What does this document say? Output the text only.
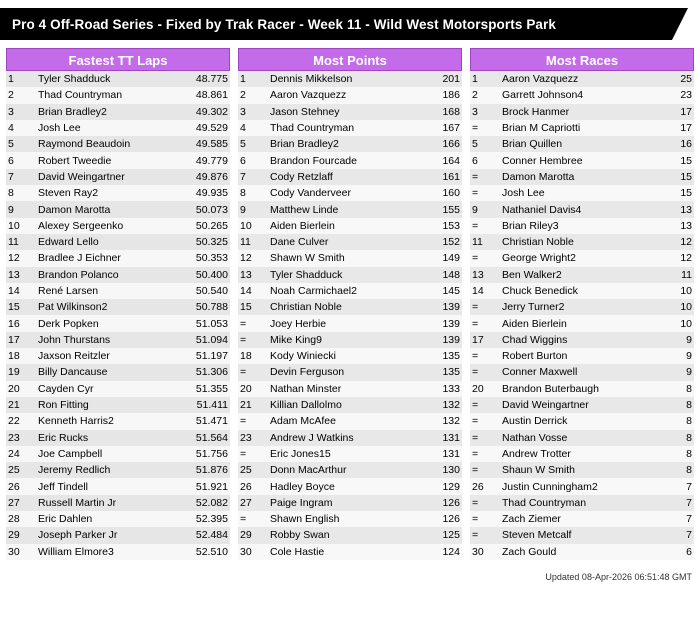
Pro 4 Off-Road Series - Fixed by Trak Racer - Week 11 - Wild West Motorsports Park
Fastest TT Laps
1	Tyler Shadduck	48.775
2	Thad Countryman	48.861
3	Brian Bradley2	49.302
4	Josh Lee	49.529
5	Raymond Beaudoin	49.585
6	Robert Tweedie	49.779
7	David Weingartner	49.876
8	Steven Ray2	49.935
9	Damon Marotta	50.073
10	Alexey Sergeenko	50.265
11	Edward Lello	50.325
12	Bradlee J Eichner	50.353
13	Brandon Polanco	50.400
14	René Larsen	50.540
15	Pat Wilkinson2	50.788
16	Derk Popken	51.053
17	John Thurstans	51.094
18	Jaxson Reitzler	51.197
19	Billy Dancause	51.306
20	Cayden Cyr	51.355
21	Ron Fitting	51.411
22	Kenneth Harris2	51.471
23	Eric Rucks	51.564
24	Joe Campbell	51.756
25	Jeremy Redlich	51.876
26	Jeff Tindell	51.921
27	Russell Martin Jr	52.082
28	Eric Dahlen	52.395
29	Joseph Parker Jr	52.484
30	William Elmore3	52.510
Most Points
1	Dennis Mikkelson	201
2	Aaron Vazquezz	186
3	Jason Stehney	168
4	Thad Countryman	167
5	Brian Bradley2	166
6	Brandon Fourcade	164
7	Cody Retzlaff	161
8	Cody Vanderveer	160
9	Matthew Linde	155
10	Aiden Bierlein	153
11	Dane Culver	152
12	Shawn W Smith	149
13	Tyler Shadduck	148
14	Noah Carmichael2	145
15	Christian Noble	139
=	Joey Herbie	139
=	Mike King9	139
18	Kody Winiecki	135
=	Devin Ferguson	135
20	Nathan Minster	133
21	Killian Dallolmo	132
=	Adam McAfee	132
23	Andrew J Watkins	131
=	Eric Jones15	131
25	Donn MacArthur	130
26	Hadley Boyce	129
27	Paige Ingram	126
=	Shawn English	126
29	Robby Swan	125
30	Cole Hastie	124
Most Races
1	Aaron Vazquezz	25
2	Garrett Johnson4	23
3	Brock Hanmer	17
=	Brian M Capriotti	17
5	Brian Quillen	16
6	Conner Hembree	15
=	Damon Marotta	15
=	Josh Lee	15
9	Nathaniel Davis4	13
=	Brian Riley3	13
11	Christian Noble	12
=	George Wright2	12
13	Ben Walker2	11
14	Chuck Benedick	10
=	Jerry Turner2	10
=	Aiden Bierlein	10
17	Chad Wiggins	9
=	Robert Burton	9
=	Conner Maxwell	9
20	Brandon Buterbaugh	8
=	David Weingartner	8
=	Austin Derrick	8
=	Nathan Vosse	8
=	Andrew Trotter	8
=	Shaun W Smith	8
26	Justin Cunningham2	7
=	Thad Countryman	7
=	Zach Ziemer	7
=	Steven Metcalf	7
30	Zach Gould	6
Updated 08-Apr-2026 06:51:48 GMT
